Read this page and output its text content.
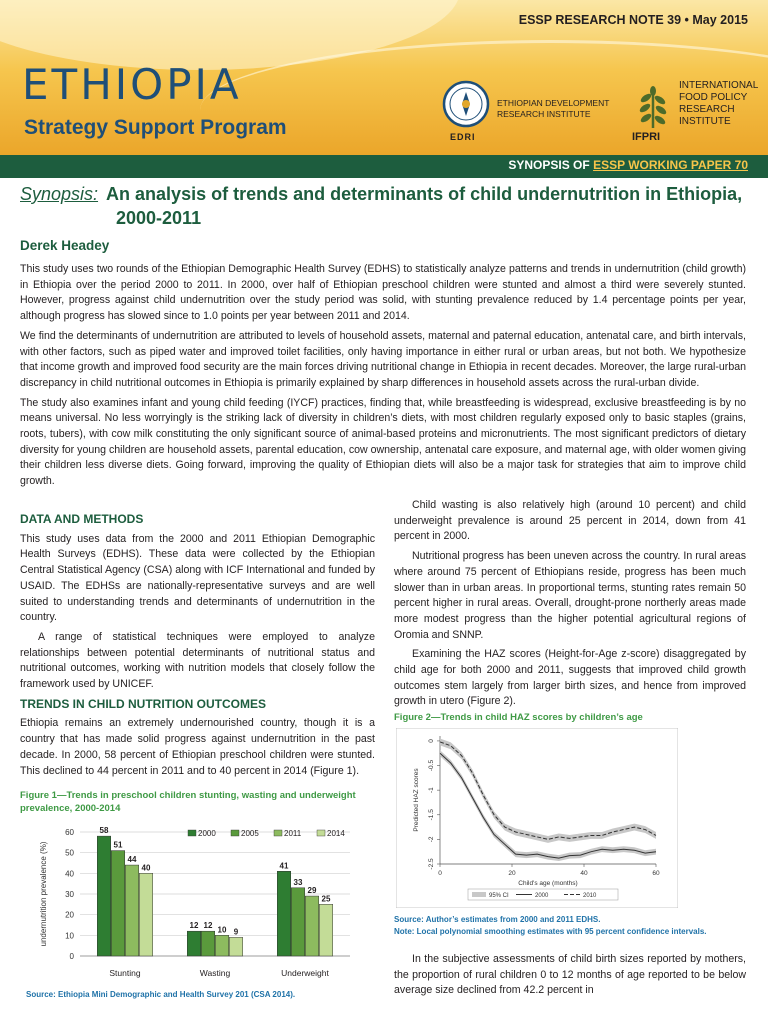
ESSP RESEARCH NOTE 39 • May 2015
ETHIOPIA
Strategy Support Program	EDRI
ETHIOPIAN DEVELOPMENT RESEARCH INSTITUTE
IFPRI
INTERNATIONAL FOOD POLICY RESEARCH INSTITUTE
SYNOPSIS OF ESSP WORKING PAPER 70
Synopsis: An analysis of trends and determinants of child undernutrition in Ethiopia,
2000-2011
Derek Headey

This study uses two rounds of the Ethiopian Demographic Health Survey (EDHS) to statistically analyze patterns and trends in undernutrition (child growth) in Ethiopia over the period 2000 to 2011. In 2000, over half of Ethiopian preschool children were stunted and almost a third were severely stunted. However, progress against child undernutrition over the study period was solid, with stunting prevalence reduced by 1.4 percentage points per year, although progress has slowed since to 1.0 points per year between 2011 and 2014.

We find the determinants of undernutrition are attributed to levels of household assets, maternal and paternal education, antenatal care, and birth intervals, with other factors, such as piped water and improved toilet facilities, only having importance in either rural or urban areas, but not both. We hypothesize that income growth and improved food security are the main forces driving nutritional change in Ethiopia in recent decades. Moreover, the large rural-urban discrepancy in child nutritional outcomes in Ethiopia is primarily explained by sharp differences in household assets across the rural-urban divide.

The study also examines infant and young child feeding (IYCF) practices, finding that, while breastfeeding is widespread, exclusive breastfeeding is by no means universal. No less worryingly is the striking lack of diversity in children’s diets, with most children regularly exposed only to basic staples (grains, roots, tubers), with cow milk constituting the only significant source of animal-based proteins and micronutrients. The most significant predictors of dietary diversity for young children are household assets, parental education, cow ownership, antenatal care exposure, and maternal age, with older women giving their children less diverse diets. Going forward, improving the quality of Ethiopian diets will also be a major task for strategies that aim to improve child growth.

DATA AND METHODS

This study uses data from the 2000 and 2011 Ethiopian Demographic Health Surveys (EDHS). These data were collected by the Ethiopian Central Statistical Agency (CSA) along with ICF International and funded by USAID. The EDHSs are nationally-representative surveys and are well suited to understanding trends and determinants of undernutrition in the country.

A range of statistical techniques were employed to analyze relationships between potential determinants of nutritional status and nutritional outcomes, working with nutrition models that closely follow the framework used by UNICEF.

TRENDS IN CHILD NUTRITION OUTCOMES

Ethiopia remains an extremely undernourished country, though it is a country that has made solid progress against undernutrition in the past decade. In 2000, 58 percent of Ethiopian preschool children were stunted. This declined to 44 percent in 2011 and to 40 percent in 2014 (Figure 1).

Figure 1—Trends in preschool children stunting, wasting and underweight prevalence, 2000-2014
0
10
20
30
40
50
60
undernutrition prevalence (%)
58
51
44
40
Stunting
12 12 10 9
Wasting
41
33
29
25
Underweight
2000	2005	2011	2014
Source: Ethiopia Mini Demographic and Health Survey 201 (CSA 2014).

Child wasting is also relatively high (around 10 percent) and child underweight prevalence is around 25 percent in 2014, down from 41 percent in 2000.

Nutritional progress has been uneven across the country. In rural areas where around 75 percent of Ethiopians reside, progress has been much slower than in urban areas. In proportional terms, stunting rates remain 50 percent higher in rural areas. Overall, drought-prone northerly areas made more modest progress than the higher potential agricultural regions of Oromia and SNNP.

Examining the HAZ scores (Height-for-Age z-score) disaggregated by child age for both 2000 and 2011, suggests that improved child growth outcomes stem largely from larger birth sizes, and hence from improved growth in utero (Figure 2).

Figure 2—Trends in child HAZ scores by children’s age
0
-0.5
-1
-1.5
-2
-2.5
0	20	40	60
Predicted HAZ scores
Child's age (months)
95% CI	2000	2010
Source: Author’s estimates from 2000 and 2011 EDHS.
Note: Local polynomial smoothing estimates with 95 percent confidence intervals.
In the subjective assessments of child birth sizes reported by mothers, the proportion of rural children 0 to 12 months of age reported to be below average size declined from 42.2 percent in
